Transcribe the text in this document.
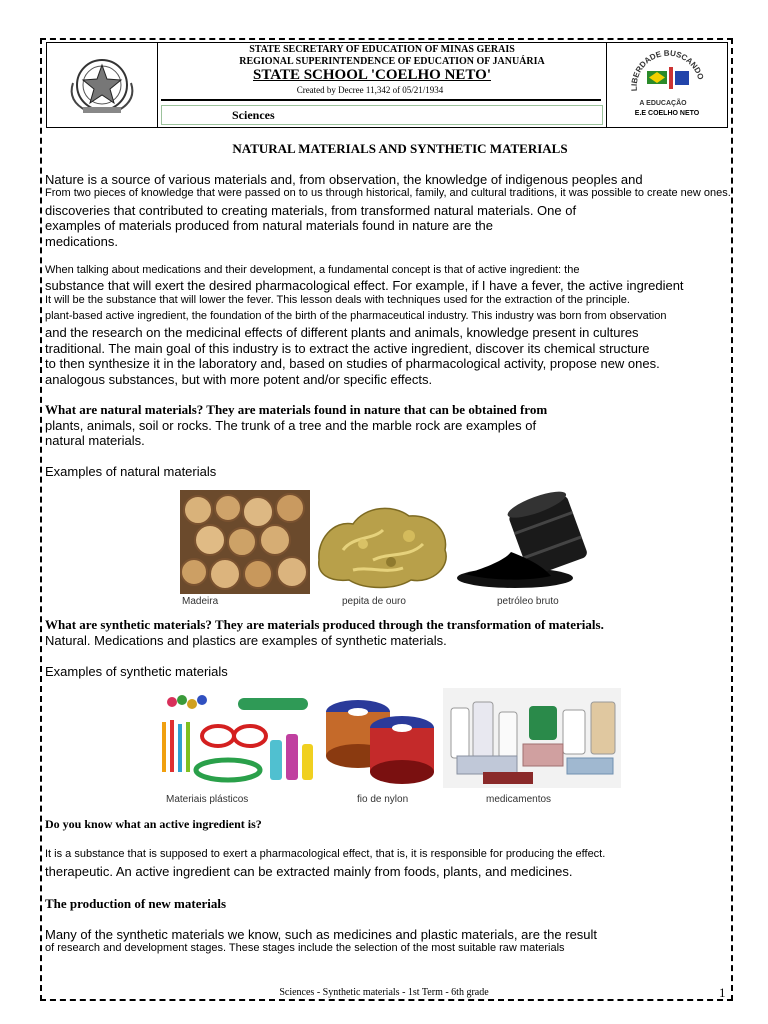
STATE SECRETARY OF EDUCATION OF MINAS GERAIS
REGIONAL SUPERINTENDENCE OF EDUCATION OF JANUÁRIA
STATE SCHOOL 'COELHO NETO'
Created by Decree 11,342 of 05/21/1934
Sciences
LIBERDADE BUSCANDO
A EDUCAÇÃO
E.E COELHO NETO
NATURAL MATERIALS AND SYNTHETIC MATERIALS
Nature is a source of various materials and, from observation, the knowledge of indigenous peoples and
From two pieces of knowledge that were passed on to us through historical, family, and cultural traditions, it was possible to create new ones.
discoveries that contributed to creating materials, from transformed natural materials. One of
examples of materials produced from natural materials found in nature are the
medications.
When talking about medications and their development, a fundamental concept is that of active ingredient: the
substance that will exert the desired pharmacological effect. For example, if I have a fever, the active ingredient
It will be the substance that will lower the fever. This lesson deals with techniques used for the extraction of the principle.
plant-based active ingredient, the foundation of the birth of the pharmaceutical industry. This industry was born from observation
and the research on the medicinal effects of different plants and animals, knowledge present in cultures
traditional. The main goal of this industry is to extract the active ingredient, discover its chemical structure
to then synthesize it in the laboratory and, based on studies of pharmacological activity, propose new ones.
analogous substances, but with more potent and/or specific effects.
What are natural materials? They are materials found in nature that can be obtained from
plants, animals, soil or rocks. The trunk of a tree and the marble rock are examples of
natural materials.
Examples of natural materials
Madeira	pepita de ouro	petróleo bruto
What are synthetic materials? They are materials produced through the transformation of materials.
Natural. Medications and plastics are examples of synthetic materials.
Examples of synthetic materials
Materiais plásticos	fio de nylon	medicamentos
Do you know what an active ingredient is?
It is a substance that is supposed to exert a pharmacological effect, that is, it is responsible for producing the effect.
therapeutic. An active ingredient can be extracted mainly from foods, plants, and medicines.
The production of new materials
Many of the synthetic materials we know, such as medicines and plastic materials, are the result
of research and development stages. These stages include the selection of the most suitable raw materials
Sciences - Synthetic materials - 1st Term - 6th grade	1
